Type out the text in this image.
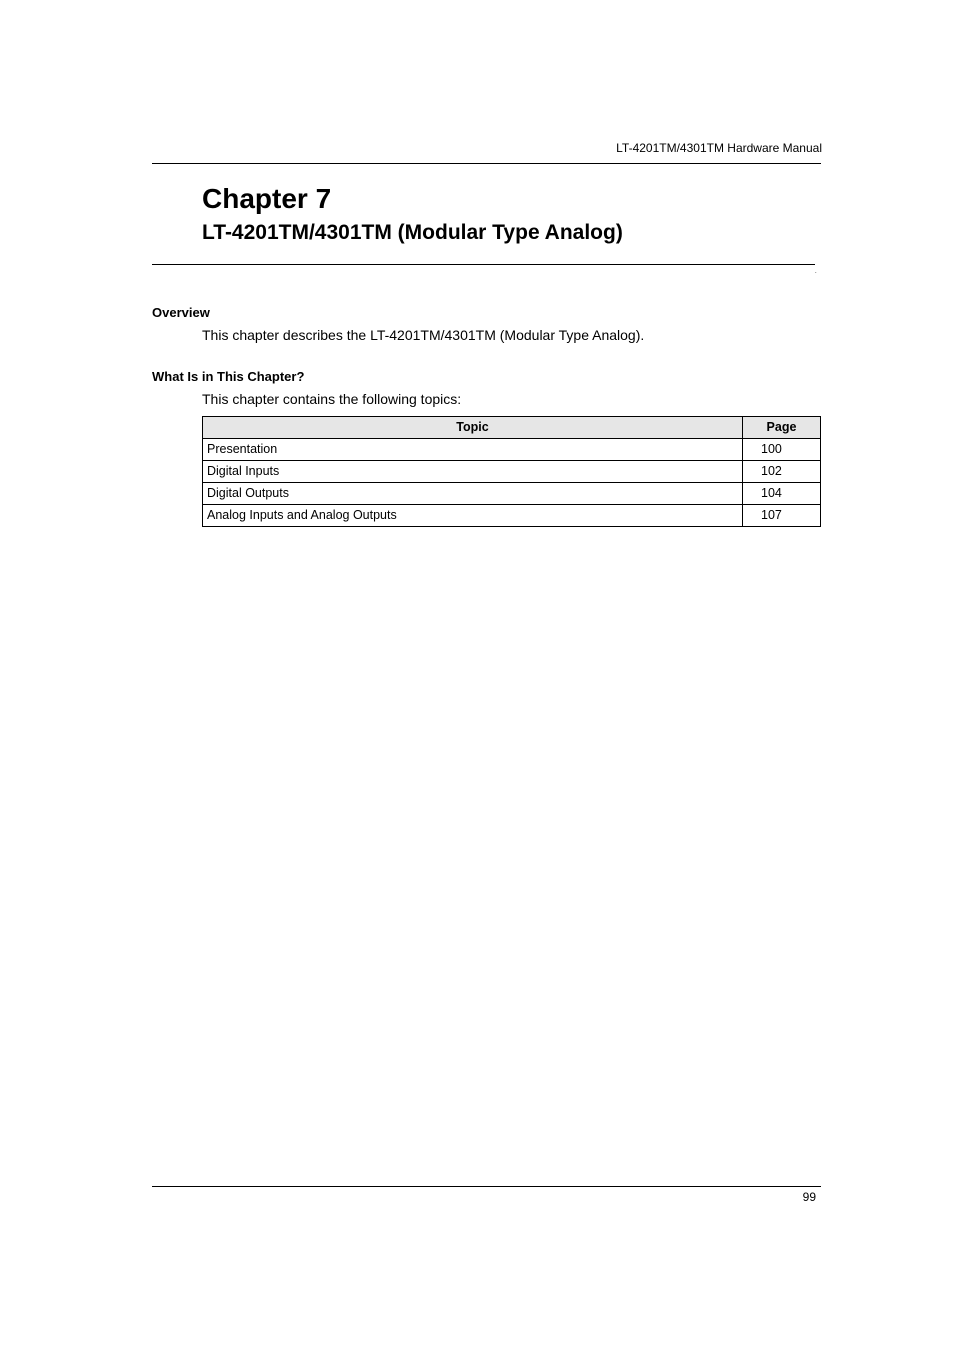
LT-4201TM/4301TM Hardware Manual
Chapter 7
LT-4201TM/4301TM (Modular Type Analog)
.
Overview
This chapter describes the LT-4201TM/4301TM (Modular Type Analog).
What Is in This Chapter?
This chapter contains the following topics:
Topic	Page
Presentation	100
Digital Inputs	102
Digital Outputs	104
Analog Inputs and Analog Outputs	107
99
